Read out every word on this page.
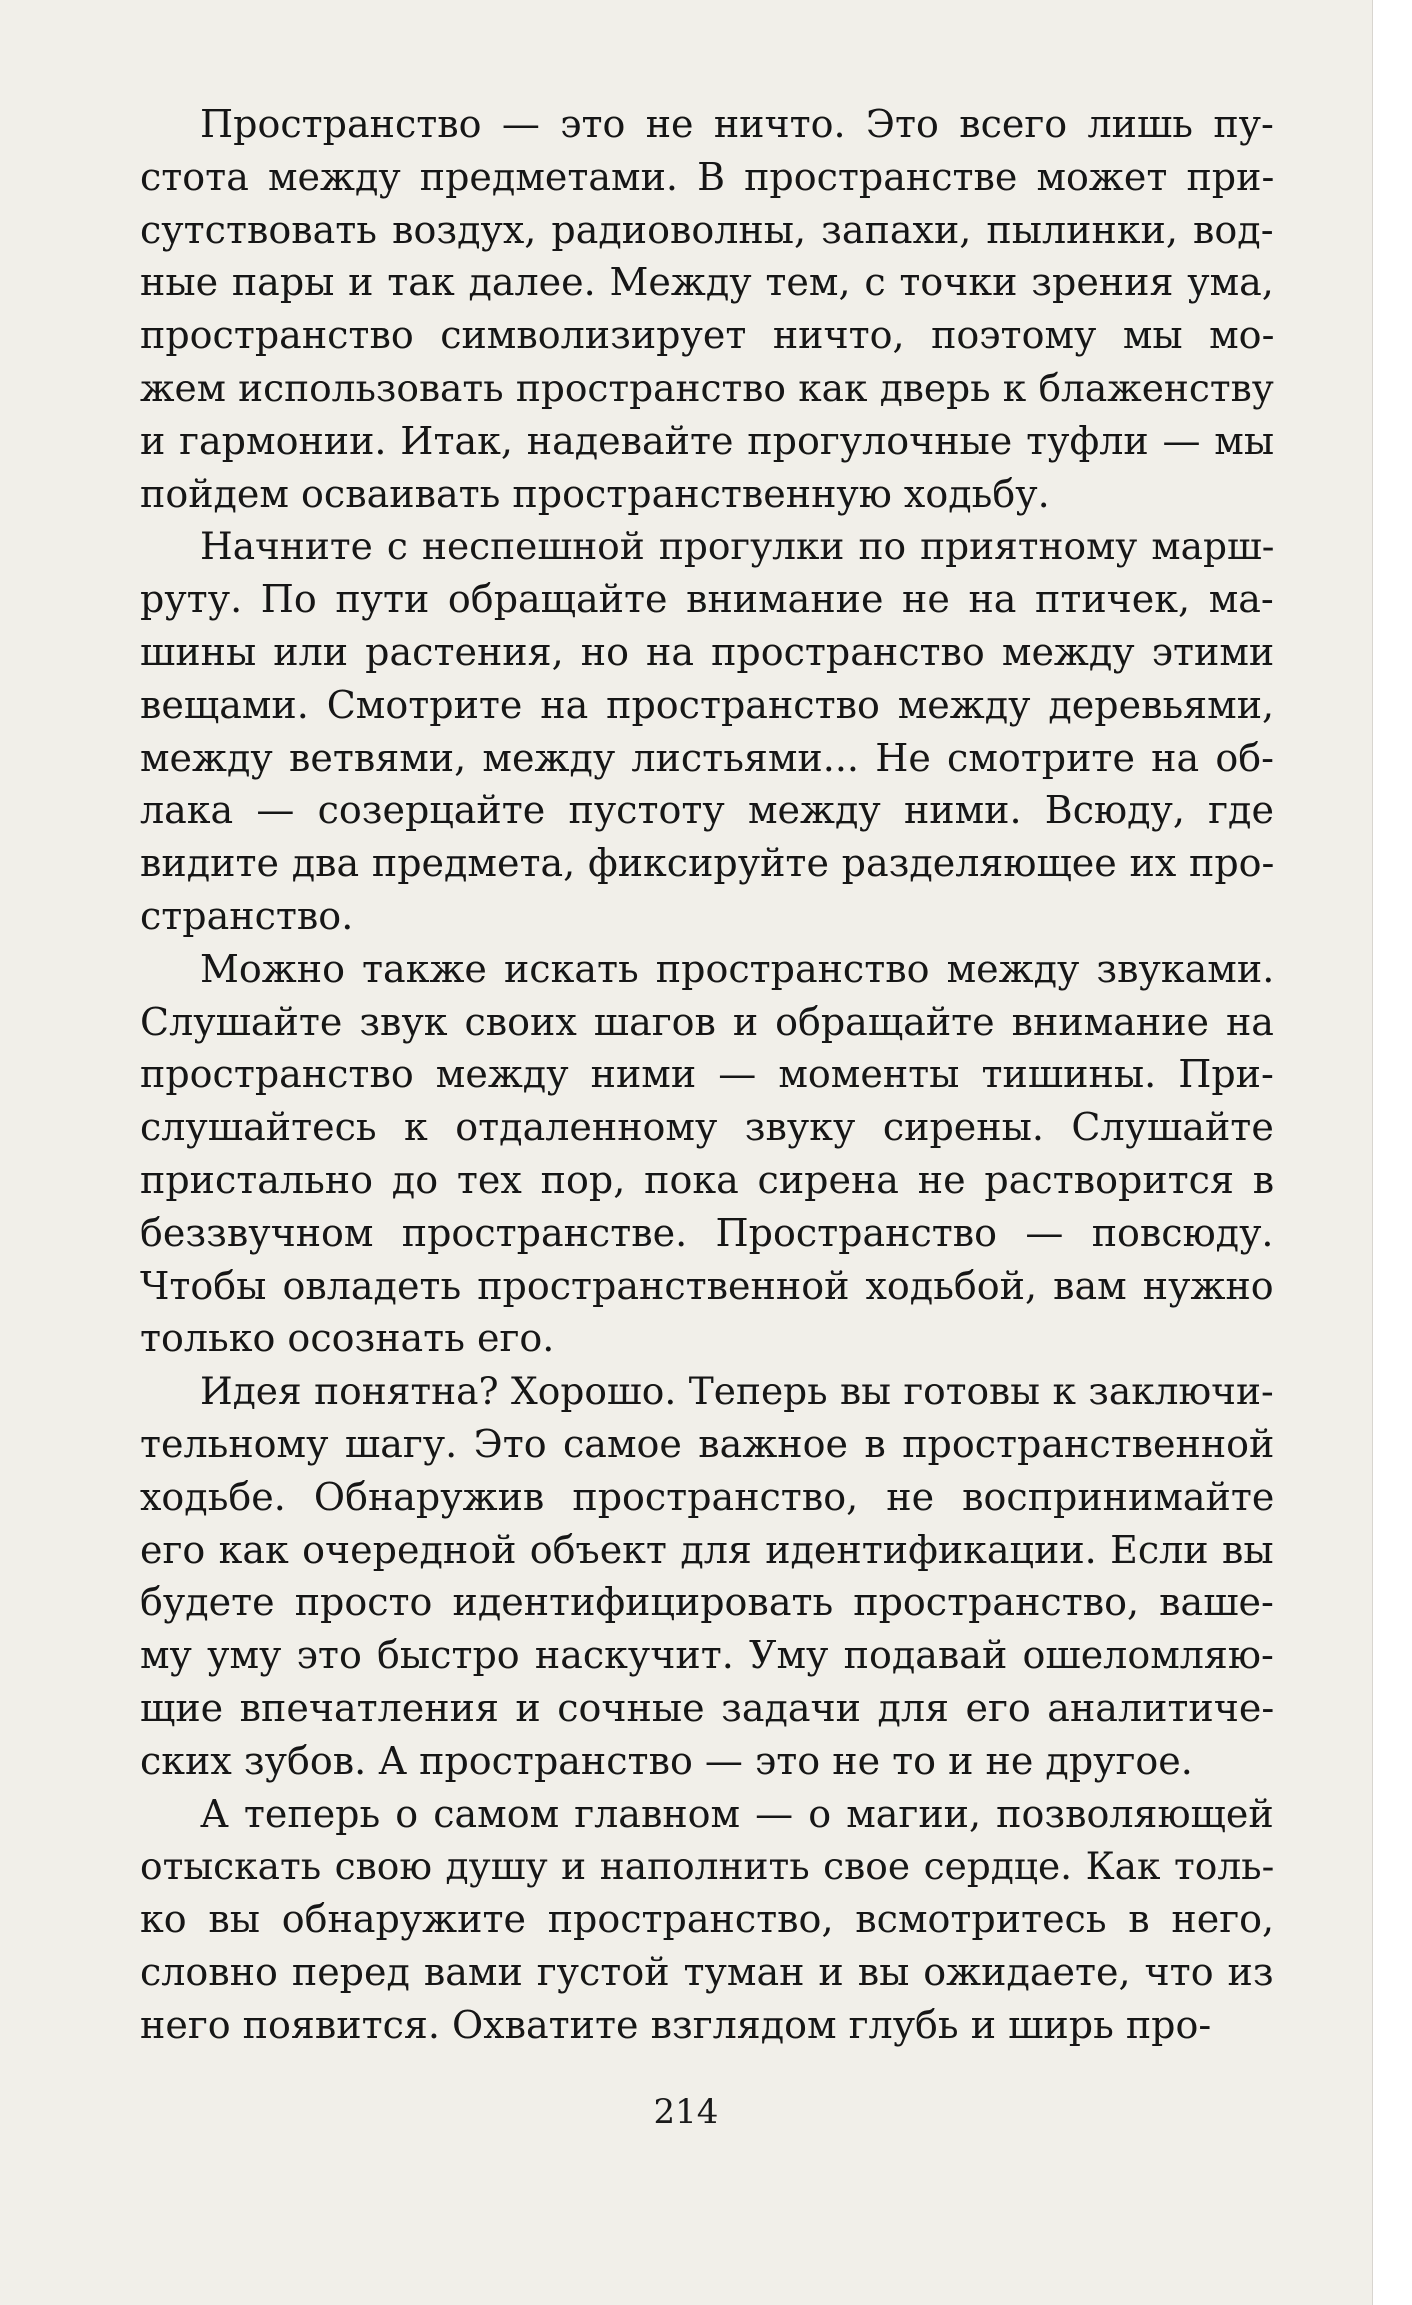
Пространство — это не ничто. Это всего лишь пу-
стота между предметами. В пространстве может при-
сутствовать воздух, радиоволны, запахи, пылинки, вод-
ные пары и так далее. Между тем, с точки зрения ума,
пространство символизирует ничто, поэтому мы мо-
жем использовать пространство как дверь к блаженству
и гармонии. Итак, надевайте прогулочные туфли — мы
пойдем осваивать пространственную ходьбу.
Начните с неспешной прогулки по приятному марш-
руту. По пути обращайте внимание не на птичек, ма-
шины или растения, но на пространство между этими
вещами. Смотрите на пространство между деревьями,
между ветвями, между листьями... Не смотрите на об-
лака — созерцайте пустоту между ними. Всюду, где
видите два предмета, фиксируйте разделяющее их про-
странство.
Можно также искать пространство между звуками.
Слушайте звук своих шагов и обращайте внимание на
пространство между ними — моменты тишины. При-
слушайтесь к отдаленному звуку сирены. Слушайте
пристально до тех пор, пока сирена не растворится в
беззвучном пространстве. Пространство — повсюду.
Чтобы овладеть пространственной ходьбой, вам нужно
только осознать его.
Идея понятна? Хорошо. Теперь вы готовы к заключи-
тельному шагу. Это самое важное в пространственной
ходьбе. Обнаружив пространство, не воспринимайте
его как очередной объект для идентификации. Если вы
будете просто идентифицировать пространство, ваше-
му уму это быстро наскучит. Уму подавай ошеломляю-
щие впечатления и сочные задачи для его аналитиче-
ских зубов. А пространство — это не то и не другое.
А теперь о самом главном — о магии, позволяющей
отыскать свою душу и наполнить свое сердце. Как толь-
ко вы обнаружите пространство, всмотритесь в него,
словно перед вами густой туман и вы ожидаете, что из
него появится. Охватите взглядом глубь и ширь про-
214
